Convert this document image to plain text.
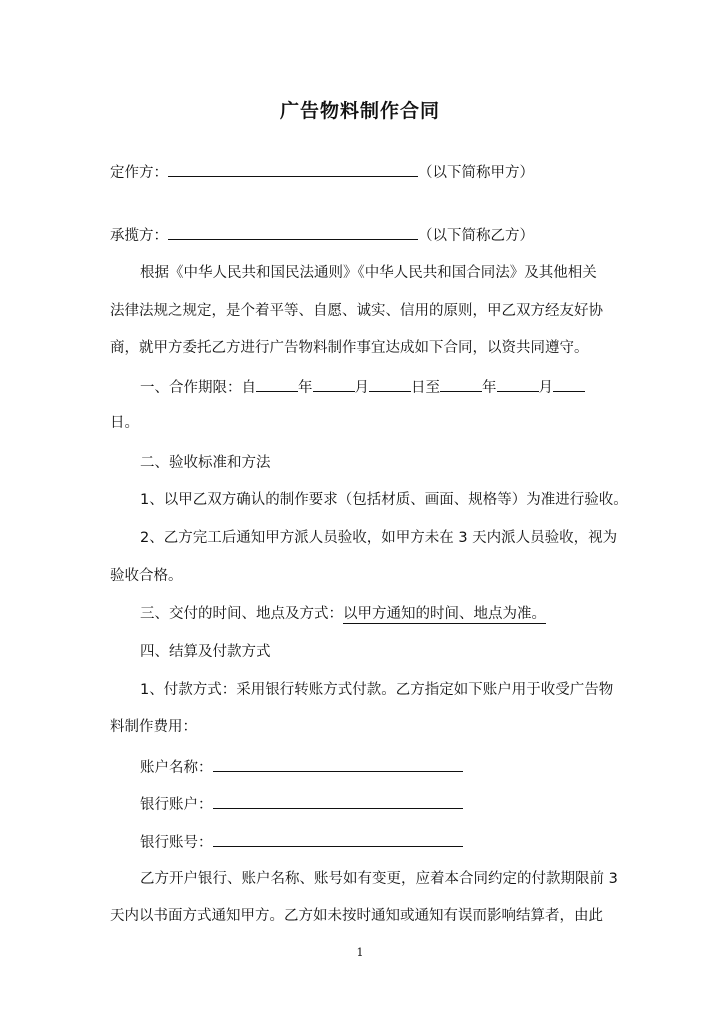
广告物料制作合同
定作方：	（以下简称甲方）
承揽方：	（以下简称乙方）
根据《中华人民共和国民法通则》《中华人民共和国合同法》及其他相关
法律法规之规定，是个着平等、自愿、诚实、信用的原则，甲乙双方经友好协
商，就甲方委托乙方进行广告物料制作事宜达成如下合同，以资共同遵守。
一、合作期限：自	年	月	日至	年	月
日。
二、验收标准和方法
1、以甲乙双方确认的制作要求（包括材质、画面、规格等）为准进行验收。
2、乙方完工后通知甲方派人员验收，如甲方未在 3 天内派人员验收，视为
验收合格。
三、交付的时间、地点及方式：以甲方通知的时间、地点为准。
四、结算及付款方式
1、付款方式：采用银行转账方式付款。乙方指定如下账户用于收受广告物
料制作费用：
账户名称：
银行账户：
银行账号：
乙方开户银行、账户名称、账号如有变更，应着本合同约定的付款期限前 3
天内以书面方式通知甲方。乙方如未按时通知或通知有误而影响结算者，由此
1
